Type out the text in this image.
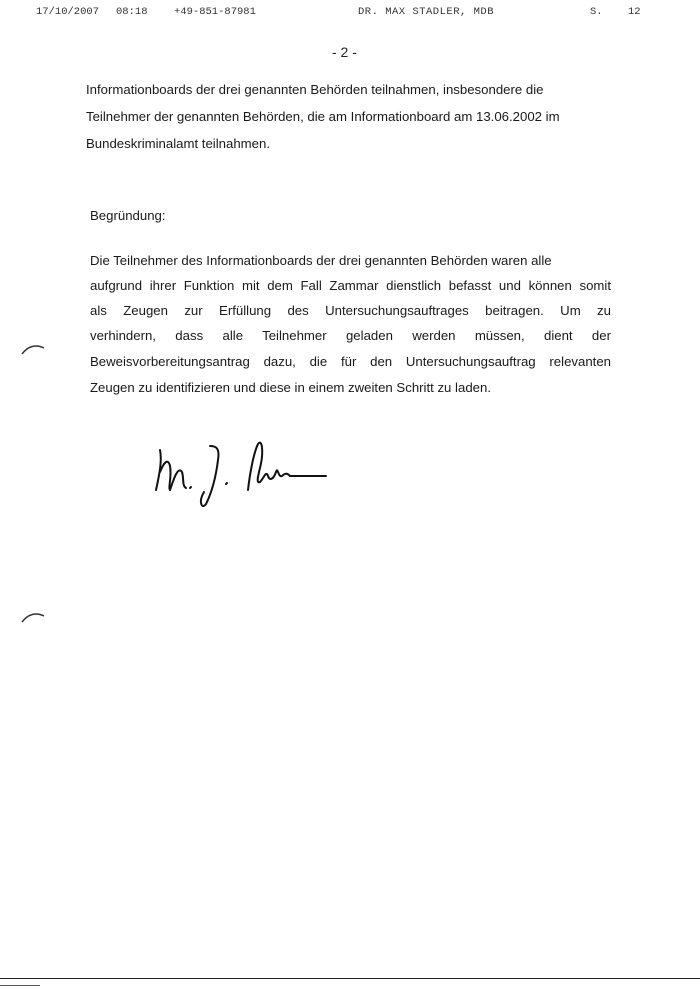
17/10/2007 08:18	+49-851-87981	DR. MAX STADLER, MDB	S. 12
- 2 -
Informationboards der drei genannten Behörden teilnahmen, insbesondere die
Teilnehmer der genannten Behörden, die am Informationboard am 13.06.2002 im
Bundeskriminalamt teilnahmen.
Begründung:
Die Teilnehmer des Informationboards der drei genannten Behörden waren alle
aufgrund ihrer Funktion mit dem Fall Zammar dienstlich befasst und können somit
als Zeugen zur Erfüllung des Untersuchungsauftrages beitragen. Um zu
verhindern, dass alle Teilnehmer geladen werden müssen, dient der
Beweisvorbereitungsantrag dazu, die für den Untersuchungsauftrag relevanten
Zeugen zu identifizieren und diese in einem zweiten Schritt zu laden.
